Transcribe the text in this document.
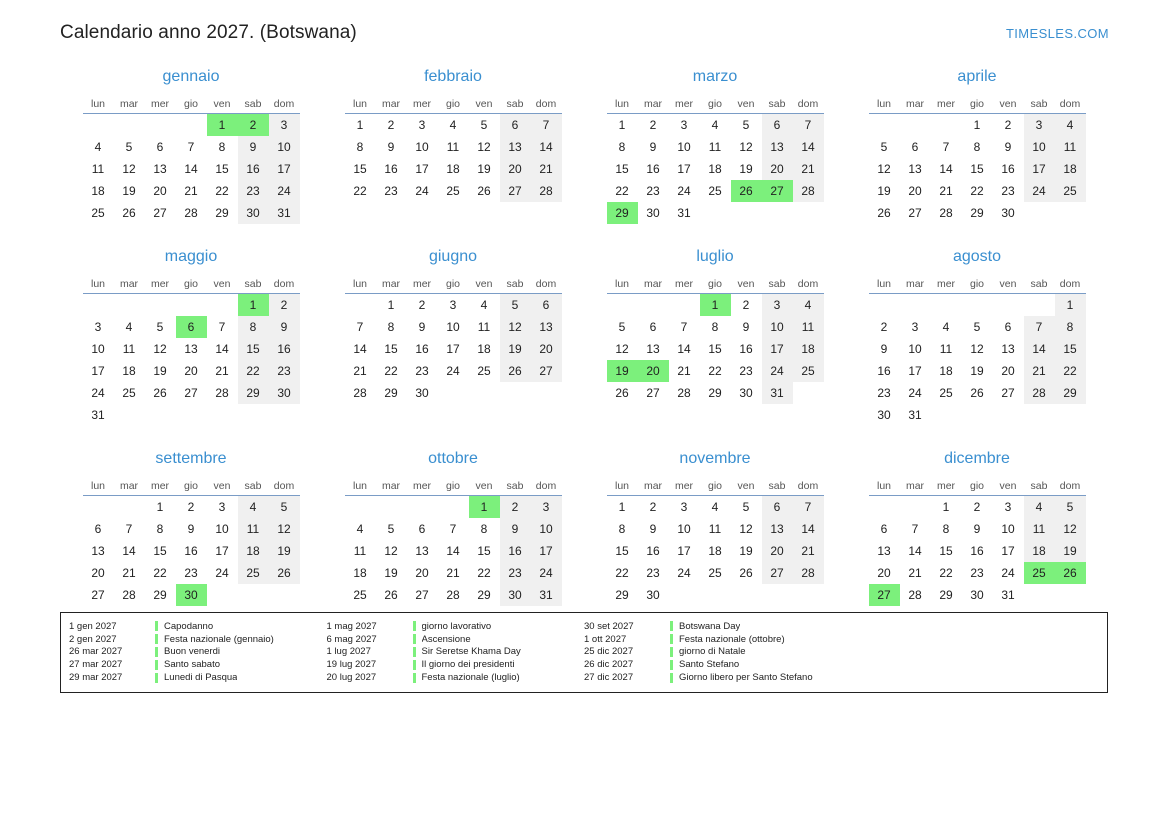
Calendario anno 2027. (Botswana)	TIMESLES.COM
gennaio
lun	mar	mer	gio	ven	sab	dom
				1	2	3
4	5	6	7	8	9	10
11	12	13	14	15	16	17
18	19	20	21	22	23	24
25	26	27	28	29	30	31
febbraio
lun	mar	mer	gio	ven	sab	dom
1	2	3	4	5	6	7
8	9	10	11	12	13	14
15	16	17	18	19	20	21
22	23	24	25	26	27	28
marzo
lun	mar	mer	gio	ven	sab	dom
1	2	3	4	5	6	7
8	9	10	11	12	13	14
15	16	17	18	19	20	21
22	23	24	25	26	27	28
29	30	31				
aprile
lun	mar	mer	gio	ven	sab	dom
			1	2	3	4
5	6	7	8	9	10	11
12	13	14	15	16	17	18
19	20	21	22	23	24	25
26	27	28	29	30		
maggio
lun	mar	mer	gio	ven	sab	dom
					1	2
3	4	5	6	7	8	9
10	11	12	13	14	15	16
17	18	19	20	21	22	23
24	25	26	27	28	29	30
31						
giugno
lun	mar	mer	gio	ven	sab	dom
	1	2	3	4	5	6
7	8	9	10	11	12	13
14	15	16	17	18	19	20
21	22	23	24	25	26	27
28	29	30				
luglio
lun	mar	mer	gio	ven	sab	dom
			1	2	3	4
5	6	7	8	9	10	11
12	13	14	15	16	17	18
19	20	21	22	23	24	25
26	27	28	29	30	31	
agosto
lun	mar	mer	gio	ven	sab	dom
						1
2	3	4	5	6	7	8
9	10	11	12	13	14	15
16	17	18	19	20	21	22
23	24	25	26	27	28	29
30	31					
settembre
lun	mar	mer	gio	ven	sab	dom
		1	2	3	4	5
6	7	8	9	10	11	12
13	14	15	16	17	18	19
20	21	22	23	24	25	26
27	28	29	30			
ottobre
lun	mar	mer	gio	ven	sab	dom
				1	2	3
4	5	6	7	8	9	10
11	12	13	14	15	16	17
18	19	20	21	22	23	24
25	26	27	28	29	30	31
novembre
lun	mar	mer	gio	ven	sab	dom
1	2	3	4	5	6	7
8	9	10	11	12	13	14
15	16	17	18	19	20	21
22	23	24	25	26	27	28
29	30					
dicembre
lun	mar	mer	gio	ven	sab	dom
		1	2	3	4	5
6	7	8	9	10	11	12
13	14	15	16	17	18	19
20	21	22	23	24	25	26
27	28	29	30	31		
1 gen 2027	Capodanno
2 gen 2027	Festa nazionale (gennaio)
26 mar 2027	Buon venerdi
27 mar 2027	Santo sabato
29 mar 2027	Lunedi di Pasqua
1 mag 2027	giorno lavorativo
6 mag 2027	Ascensione
1 lug 2027	Sir Seretse Khama Day
19 lug 2027	Il giorno dei presidenti
20 lug 2027	Festa nazionale (luglio)
30 set 2027	Botswana Day
1 ott 2027	Festa nazionale (ottobre)
25 dic 2027	giorno di Natale
26 dic 2027	Santo Stefano
27 dic 2027	Giorno libero per Santo Stefano
